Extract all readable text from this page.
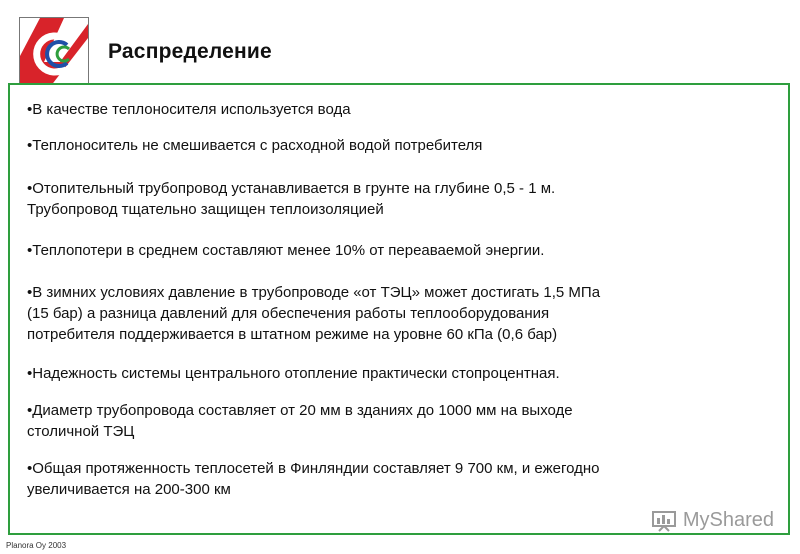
Распределение
•В качестве теплоносителя используется вода
•Теплоноситель не смешивается с расходной водой потребителя
•Отопительный трубопровод устанавливается в грунте на глубине 0,5 - 1 м.
Трубопровод тщательно защищен теплоизоляцией
•Теплопотери в среднем составляют менее 10% от переаваемой энергии.
•В зимних условиях давление в трубопроводе «от ТЭЦ» может достигать 1,5 МПа
(15 бар) а разница давлений для обеспечения работы теплооборудования
потребителя поддерживается в штатном режиме на уровне 60 кПа (0,6 бар)
•Надежность системы центрального отопление практически стопроцентная.
•Диаметр трубопровода составляет от 20 мм в зданиях до 1000 мм на выходе
столичной ТЭЦ
•Общая протяженность теплосетей в Финляндии составляет 9 700 км, и ежегодно
увеличивается на 200-300 км
MyShared
Planora Oy 2003
